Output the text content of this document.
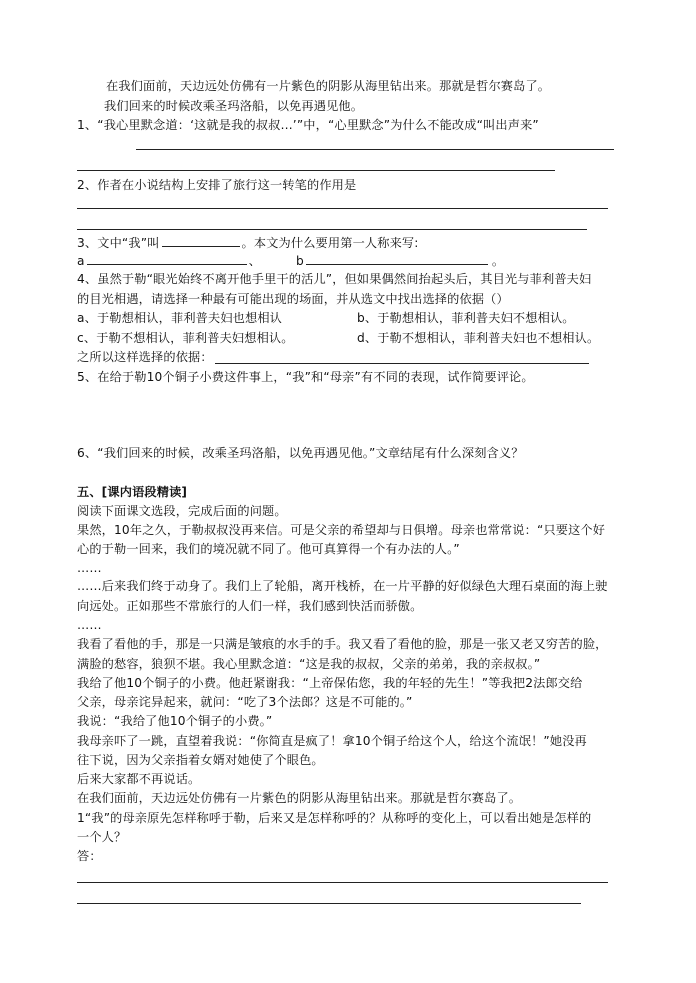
在我们面前，天边远处仿佛有一片紫色的阴影从海里钻出来。那就是哲尔赛岛了。
我们回来的时候改乘圣玛洛船，以免再遇见他。
1、“我心里默念道：‘这就是我的叔叔…’”中，“心里默念”为什么不能改成“叫出声来”
2、作者在小说结构上安排了旅行这一转笔的作用是
3、文中“我”叫	。本文为什么要用第一人称来写:
a	、	b	。
4、虽然于勒“眼光始终不离开他手里干的活儿”，但如果偶然间抬起头后，其目光与菲利普夫妇
的目光相遇，请选择一种最有可能出现的场面，并从选文中找出选择的依据（）
a、于勒想相认，菲利普夫妇也想相认	b、于勒想相认，菲利普夫妇不想相认。
c、于勒不想相认，菲利普夫妇想相认。	d、于勒不想相认，菲利普夫妇也不想相认。
之所以这样选择的依据：
5、在给于勒10个铜子小费这件事上，“我”和“母亲”有不同的表现，试作简要评论。
6、“我们回来的时候，改乘圣玛洛船，以免再遇见他。”文章结尾有什么深刻含义？
五、[课内语段精读]
阅读下面课文选段，完成后面的问题。
果然，10年之久，于勒叔叔没再来信。可是父亲的希望却与日俱增。母亲也常常说：“只要这个好
心的于勒一回来，我们的境况就不同了。他可真算得一个有办法的人。”
……
……后来我们终于动身了。我们上了轮船，离开栈桥，在一片平静的好似绿色大理石桌面的海上驶
向远处。正如那些不常旅行的人们一样，我们感到快活而骄傲。
……
我看了看他的手，那是一只满是皱痕的水手的手。我又看了看他的脸，那是一张又老又穷苦的脸，
满脸的愁容，狼狈不堪。我心里默念道：“这是我的叔叔，父亲的弟弟，我的亲叔叔。”
我给了他10个铜子的小费。他赶紧谢我：“上帝保佑您，我的年轻的先生！”等我把2法郎交给
父亲，母亲诧异起来，就问：“吃了3个法郎？这是不可能的。”
我说：“我给了他10个铜子的小费。”
我母亲吓了一跳，直望着我说：“你简直是疯了！拿10个铜子给这个人，给这个流氓！”她没再
往下说，因为父亲指着女婿对她使了个眼色。
后来大家都不再说话。
在我们面前，天边远处仿佛有一片紫色的阴影从海里钻出来。那就是哲尔赛岛了。
1“我”的母亲原先怎样称呼于勒，后来又是怎样称呼的？从称呼的变化上，可以看出她是怎样的
一个人？
答：
